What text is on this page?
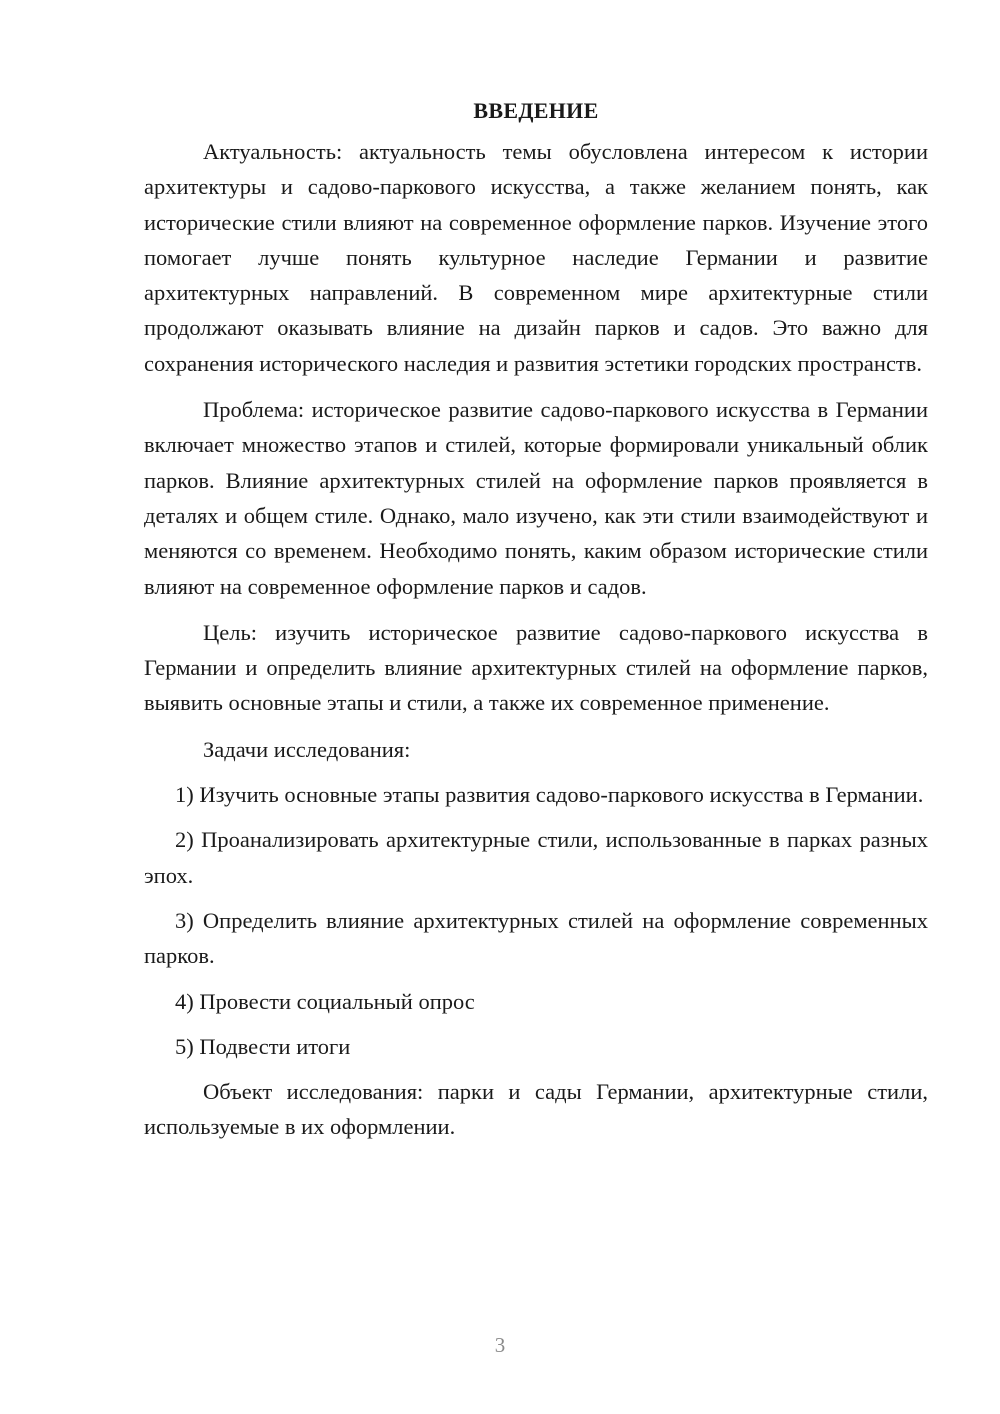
ВВЕДЕНИЕ

Актуальность: актуальность темы обусловлена интересом к истории архитектуры и садово-паркового искусства, а также желанием понять, как исторические стили влияют на современное оформление парков. Изучение этого помогает лучше понять культурное наследие Германии и развитие архитектурных направлений. В современном мире архитектурные стили продолжают оказывать влияние на дизайн парков и садов. Это важно для сохранения исторического наследия и развития эстетики городских пространств.

Проблема: историческое развитие садово-паркового искусства в Германии включает множество этапов и стилей, которые формировали уникальный облик парков. Влияние архитектурных стилей на оформление парков проявляется в деталях и общем стиле. Однако, мало изучено, как эти стили взаимодействуют и меняются со временем. Необходимо понять, каким образом исторические стили влияют на современное оформление парков и садов.

Цель: изучить историческое развитие садово-паркового искусства в Германии и определить влияние архитектурных стилей на оформление парков, выявить основные этапы и стили, а также их современное применение.

Задачи исследования:

1) Изучить основные этапы развития садово-паркового искусства в Германии.

2) Проанализировать архитектурные стили, использованные в парках разных эпох.

3) Определить влияние архитектурных стилей на оформление современных парков.

4) Провести социальный опрос

5) Подвести итоги

Объект исследования: парки и сады Германии, архитектурные стили, используемые в их оформлении.

3
